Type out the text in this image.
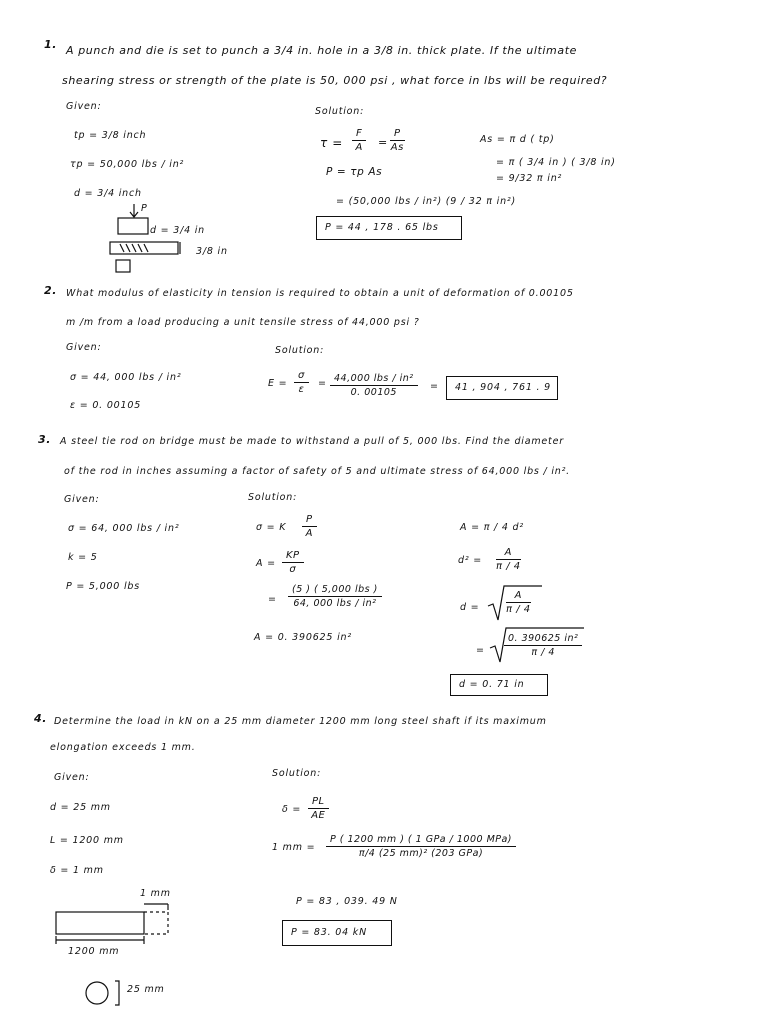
1. A punch and die is set to punch a 3/4 in. hole in a 3/8 in. thick plate. If the ultimate
shearing stress or strength of the plate is 50, 000 psi , what force in lbs will be required?
Given:	Solution:
tp = 3/8 inch
τp = 50,000 lbs / in²
d = 3/4 inch
P
d = 3/4 in
3/8 in
$\tau = \frac{F}{A} = \frac{P}{As}$
P = τp As
= (50,000 lbs / in²) (9 / 32 π in²)
P = 44 , 178 . 65 lbs
As = π d ( tp)
= π ( 3/4 in ) ( 3/8 in)
= 9/32 π in²
2. What modulus of elasticity in tension is required to obtain a unit of deformation of 0.00105
m /m from a load producing a unit tensile stress of 44,000 psi ?
Given:	Solution:
σ = 44, 000 lbs / in²
ε = 0. 00105
$E = \frac{\sigma}{\varepsilon} = 44,000$ lbs / in²
0. 00105
= 41 , 904 , 761 . 9
3. A steel tie rod on bridge must be made to withstand a pull of 5, 000 lbs. Find the diameter
of the rod in inches assuming a factor of safety of 5 and ultimate stress of 64,000 lbs / in².
Given:	Solution:
σ = 64, 000 lbs / in²
k = 5
P = 5,000 lbs
σ = K $\frac{P}{A}$
$A = \frac{KP}{\sigma}$
=
(5 ) ( 5,000 lbs )
64, 000 lbs / in²
A = 0. 390625 in²
A = π / 4 d²
$d^2 = \frac{A}{\pi / 4}$
d =	$\frac{A}{\pi / 4}$
= $\frac{\text{0. 390625 in²}}{\pi / 4}$
d = 0. 71 in
4. Determine the load in kN on a 25 mm diameter 1200 mm long steel shaft if its maximum
elongation exceeds 1 mm.
Given:	Solution:
d = 25 mm
L = 1200 mm
δ = 1 mm
$\delta = \frac{PL}{AE}$
1 mm =
P ( 1200 mm ) ( 1 GPa / 1000 MPa)
π/4 (25 mm)² (203 GPa)
P = 83 , 039. 49 N
P = 83. 04 kN
1 mm
1200 mm
25 mm
